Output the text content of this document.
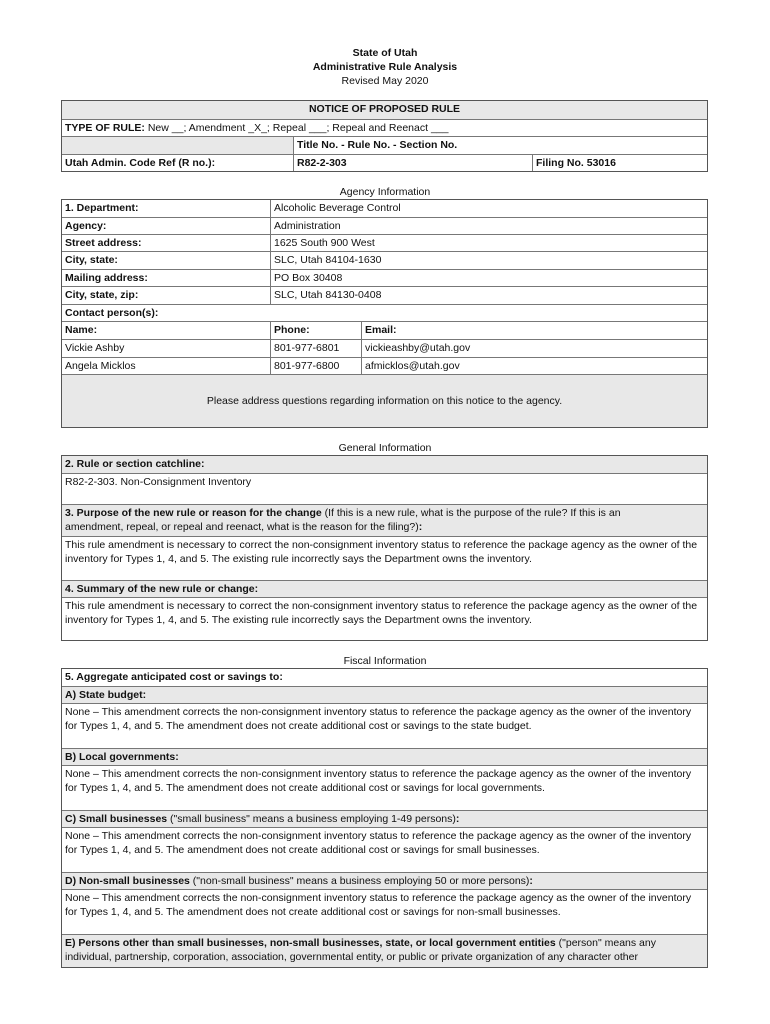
State of Utah
Administrative Rule Analysis
Revised May 2020
NOTICE OF PROPOSED RULE
TYPE OF RULE: New __; Amendment _X_; Repeal ___; Repeal and Reenact ___
Title No. - Rule No. - Section No.
Utah Admin. Code Ref (R no.):	R82-2-303	Filing No. 53016
Agency Information
1. Department:	Alcoholic Beverage Control
Agency:	Administration
Street address:	1625 South 900 West
City, state:	SLC, Utah 84104-1630
Mailing address:	PO Box 30408
City, state, zip:	SLC, Utah 84130-0408
Contact person(s):
Name:	Phone:	Email:
Vickie Ashby	801-977-6801	vickieashby@utah.gov
Angela Micklos	801-977-6800	afmicklos@utah.gov
Please address questions regarding information on this notice to the agency.
General Information
2. Rule or section catchline:
R82-2-303. Non-Consignment Inventory
3. Purpose of the new rule or reason for the change (If this is a new rule, what is the purpose of the rule? If this is an
amendment, repeal, or repeal and reenact, what is the reason for the filing?):
This rule amendment is necessary to correct the non-consignment inventory status to reference the package agency as the owner of the inventory for Types 1, 4, and 5. The existing rule incorrectly says the Department owns the inventory.
4. Summary of the new rule or change:
This rule amendment is necessary to correct the non-consignment inventory status to reference the package agency as the owner of the inventory for Types 1, 4, and 5. The existing rule incorrectly says the Department owns the inventory.
Fiscal Information
5. Aggregate anticipated cost or savings to:
A) State budget:
None – This amendment corrects the non-consignment inventory status to reference the package agency as the owner of the inventory for Types 1, 4, and 5. The amendment does not create additional cost or savings to the state budget.
B) Local governments:
None – This amendment corrects the non-consignment inventory status to reference the package agency as the owner of the inventory for Types 1, 4, and 5. The amendment does not create additional cost or savings for local governments.
C) Small businesses ("small business" means a business employing 1-49 persons):
None – This amendment corrects the non-consignment inventory status to reference the package agency as the owner of the inventory for Types 1, 4, and 5. The amendment does not create additional cost or savings for small businesses.
D) Non-small businesses ("non-small business" means a business employing 50 or more persons):
None – This amendment corrects the non-consignment inventory status to reference the package agency as the owner of the inventory for Types 1, 4, and 5. The amendment does not create additional cost or savings for non-small businesses.
E) Persons other than small businesses, non-small businesses, state, or local government entities ("person" means any individual, partnership, corporation, association, governmental entity, or public or private organization of any character other
